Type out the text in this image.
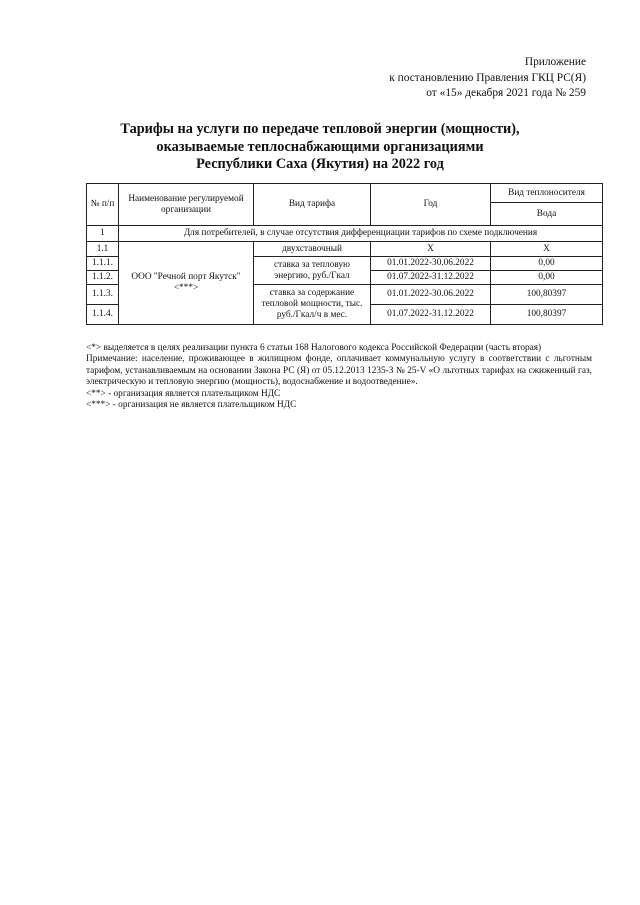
Приложение
к постановлению Правления ГКЦ РС(Я)
от «15» декабря 2021 года № 259
Тарифы на услуги по передаче тепловой энергии (мощности),
оказываемые теплоснабжающими организациями
Республики Саха (Якутия) на 2022 год
№ п/п	Наименование регулируемой организации	Вид тарифа	Год	Вид теплоносителя
				Вода
1	Для потребителей, в случае отсутствия дифференциации тарифов по схеме подключения			
1.1	ООО "Речной порт Якутск"<***>	двухставочный	X	X
1.1.1.		ставка за тепловую энергию, руб./Гкал	01.01.2022-30.06.2022	0,00
1.1.2.			01.07.2022-31.12.2022	0,00
1.1.3.		ставка за содержание тепловой мощности, тыс. руб./Гкал/ч в мес.	01.01.2022-30.06.2022	100,80397
1.1.4.			01.07.2022-31.12.2022	100,80397

<*> выделяется в целях реализации пункта 6 статьи 168 Налогового кодекса Российской Федерации (часть вторая)

Примечание: население, проживающее в жилищном фонде, оплачивает коммунальную услугу в соответствии с льготным тарифом, устанавливаемым на основании Закона РС (Я) от 05.12.2013 1235-З № 25-V «О льготных тарифах на сжиженный газ, электрическую и тепловую энергию (мощность), водоснабжение и водоотведение».

<**> - организация является плательщиком НДС

<***> - организация не является плательщиком НДС
